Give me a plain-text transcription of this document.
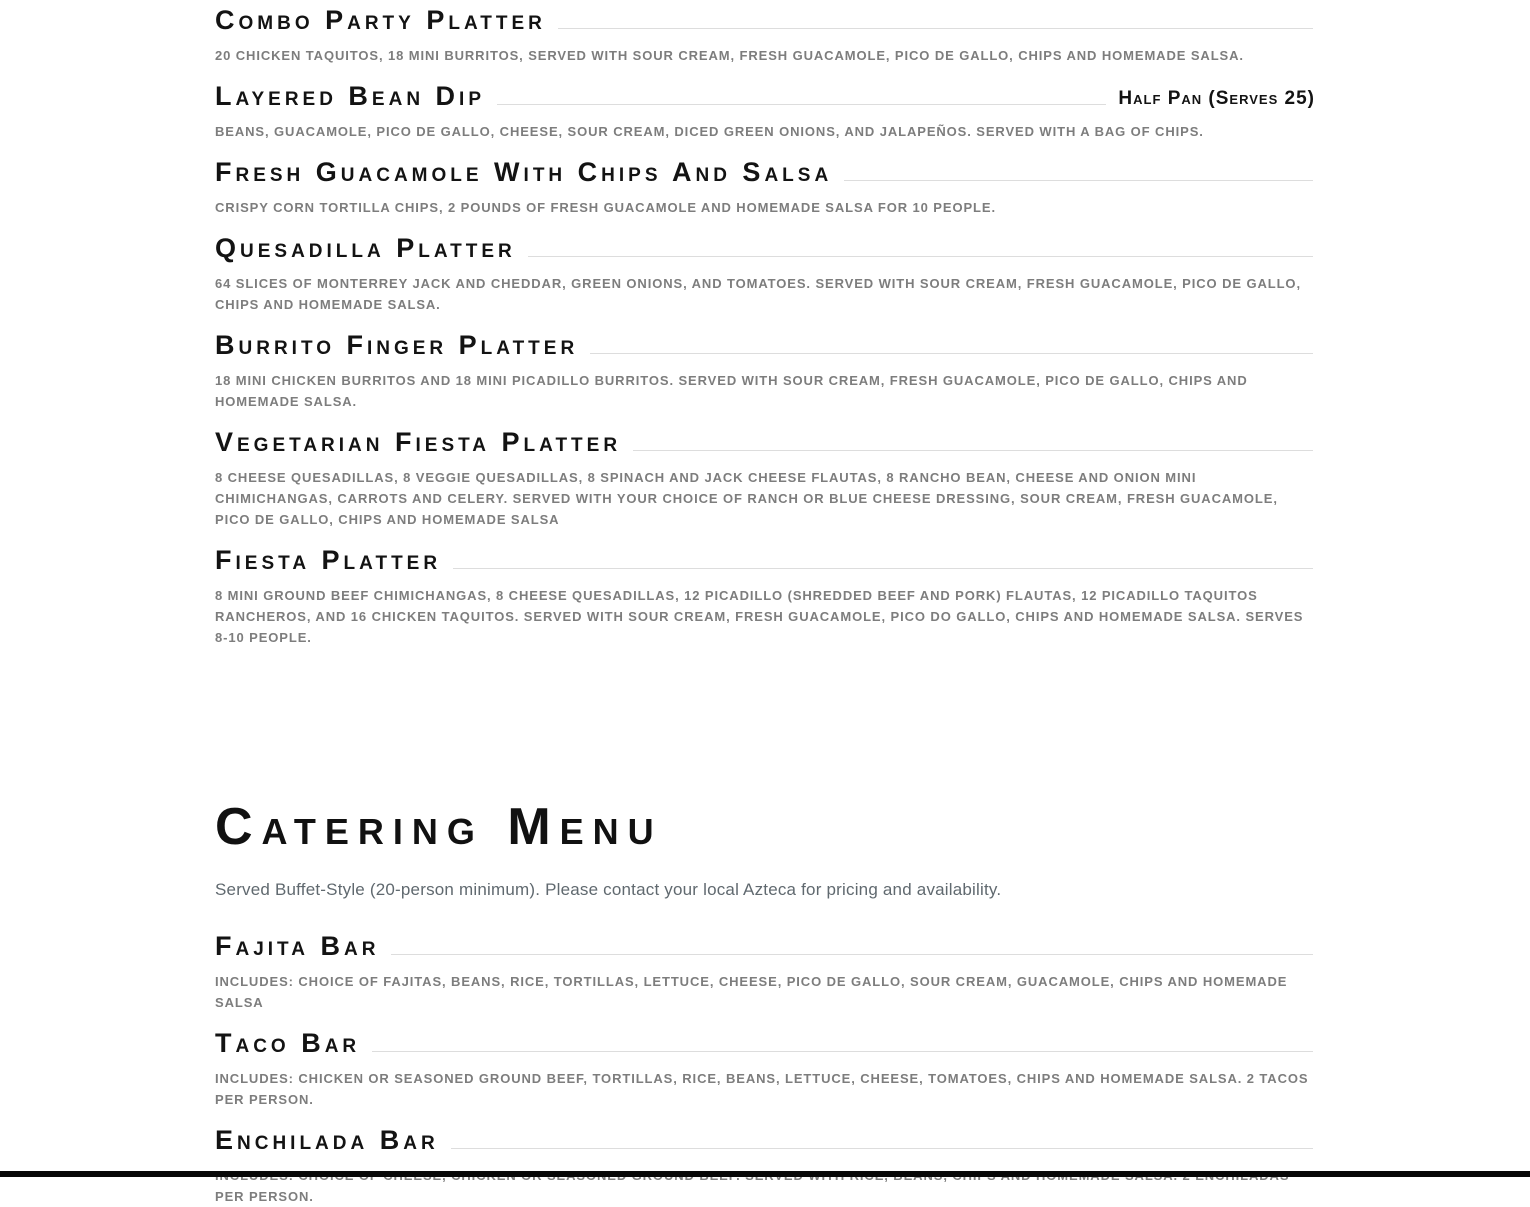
Combo Party Platter

20 CHICKEN TAQUITOS, 18 MINI BURRITOS, SERVED WITH SOUR CREAM, FRESH GUACAMOLE, PICO DE GALLO, CHIPS AND HOMEMADE SALSA.

Layered Bean Dip	Half Pan (Serves 25)

BEANS, GUACAMOLE, PICO DE GALLO, CHEESE, SOUR CREAM, DICED GREEN ONIONS, AND JALAPEÑOS. SERVED WITH A BAG OF CHIPS.

Fresh Guacamole With Chips And Salsa

CRISPY CORN TORTILLA CHIPS, 2 POUNDS OF FRESH GUACAMOLE AND HOMEMADE SALSA FOR 10 PEOPLE.

Quesadilla Platter

64 SLICES OF MONTERREY JACK AND CHEDDAR, GREEN ONIONS, AND TOMATOES. SERVED WITH SOUR CREAM, FRESH GUACAMOLE, PICO DE GALLO, CHIPS AND HOMEMADE SALSA.

Burrito Finger Platter

18 MINI CHICKEN BURRITOS AND 18 MINI PICADILLO BURRITOS. SERVED WITH SOUR CREAM, FRESH GUACAMOLE, PICO DE GALLO, CHIPS AND HOMEMADE SALSA.

Vegetarian Fiesta Platter

8 CHEESE QUESADILLAS, 8 VEGGIE QUESADILLAS, 8 SPINACH AND JACK CHEESE FLAUTAS, 8 RANCHO BEAN, CHEESE AND ONION MINI CHIMICHANGAS, CARROTS AND CELERY. SERVED WITH YOUR CHOICE OF RANCH OR BLUE CHEESE DRESSING, SOUR CREAM, FRESH GUACAMOLE, PICO DE GALLO, CHIPS AND HOMEMADE SALSA

Fiesta Platter

8 MINI GROUND BEEF CHIMICHANGAS, 8 CHEESE QUESADILLAS, 12 PICADILLO (SHREDDED BEEF AND PORK) FLAUTAS, 12 PICADILLO TAQUITOS RANCHEROS, AND 16 CHICKEN TAQUITOS. SERVED WITH SOUR CREAM, FRESH GUACAMOLE, PICO DO GALLO, CHIPS AND HOMEMADE SALSA. SERVES 8-10 PEOPLE.

Catering Menu

Served Buffet-Style (20-person minimum). Please contact your local Azteca for pricing and availability.

Fajita Bar

INCLUDES: CHOICE OF FAJITAS, BEANS, RICE, TORTILLAS, LETTUCE, CHEESE, PICO DE GALLO, SOUR CREAM, GUACAMOLE, CHIPS AND HOMEMADE SALSA

Taco Bar

INCLUDES: CHICKEN OR SEASONED GROUND BEEF, TORTILLAS, RICE, BEANS, LETTUCE, CHEESE, TOMATOES, CHIPS AND HOMEMADE SALSA. 2 TACOS PER PERSON.

Enchilada Bar

PER PERSON.
